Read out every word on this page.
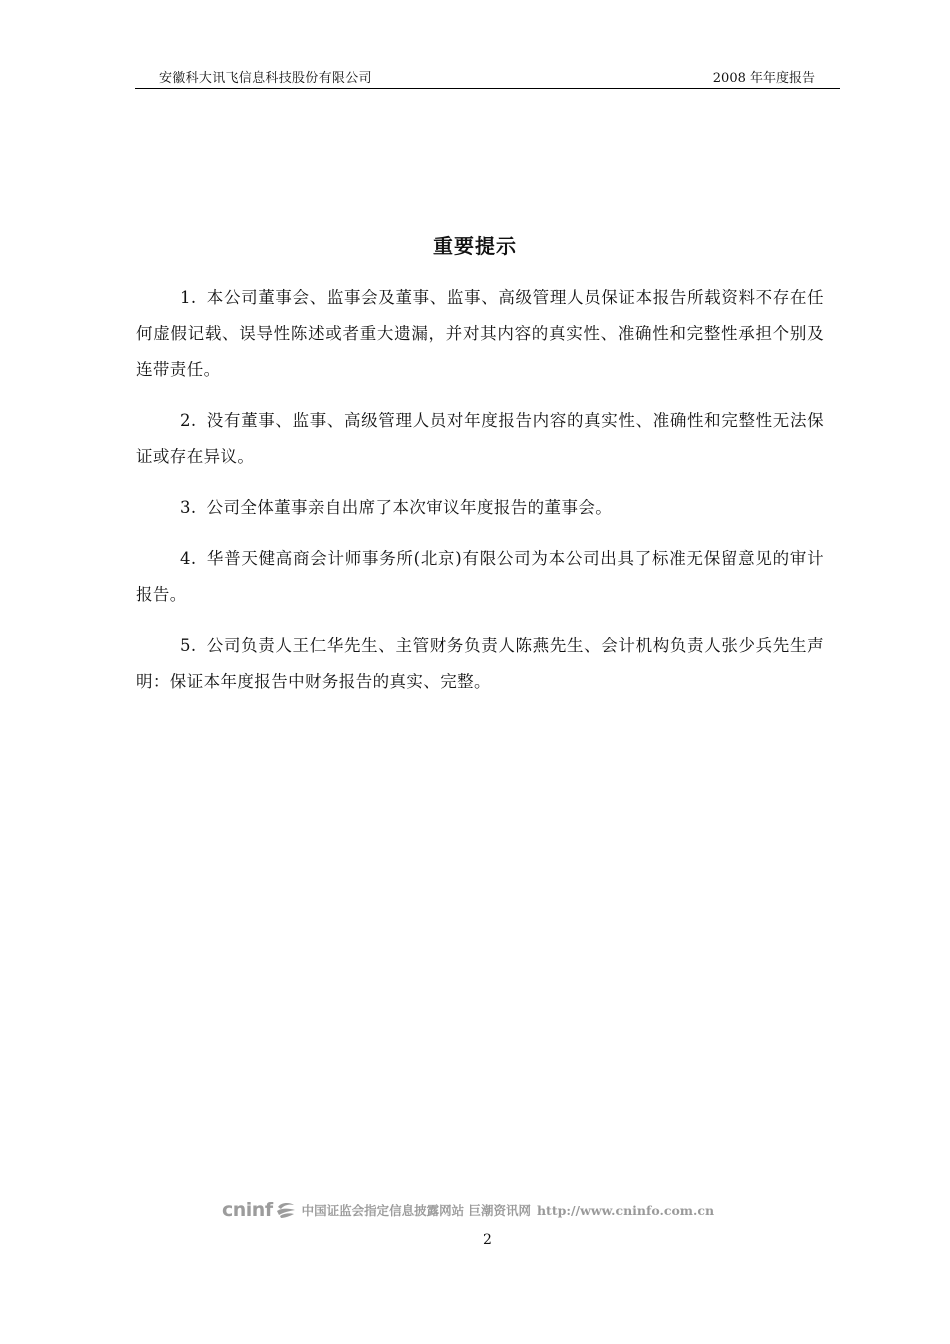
安徽科大讯飞信息科技股份有限公司	2008 年年度报告
重要提示

1. 本公司董事会、监事会及董事、监事、高级管理人员保证本报告所载资料不存在任何虚假记载、误导性陈述或者重大遗漏，并对其内容的真实性、准确性和完整性承担个别及连带责任。

2. 没有董事、监事、高级管理人员对年度报告内容的真实性、准确性和完整性无法保证或存在异议。

3. 公司全体董事亲自出席了本次审议年度报告的董事会。

4. 华普天健高商会计师事务所(北京)有限公司为本公司出具了标准无保留意见的审计报告。

5. 公司负责人王仁华先生、主管财务负责人陈燕先生、会计机构负责人张少兵先生声明：保证本年度报告中财务报告的真实、完整。

cninf 中国证监会指定信息披露网站 巨潮资讯网 http://www.cninfo.com.cn
2
